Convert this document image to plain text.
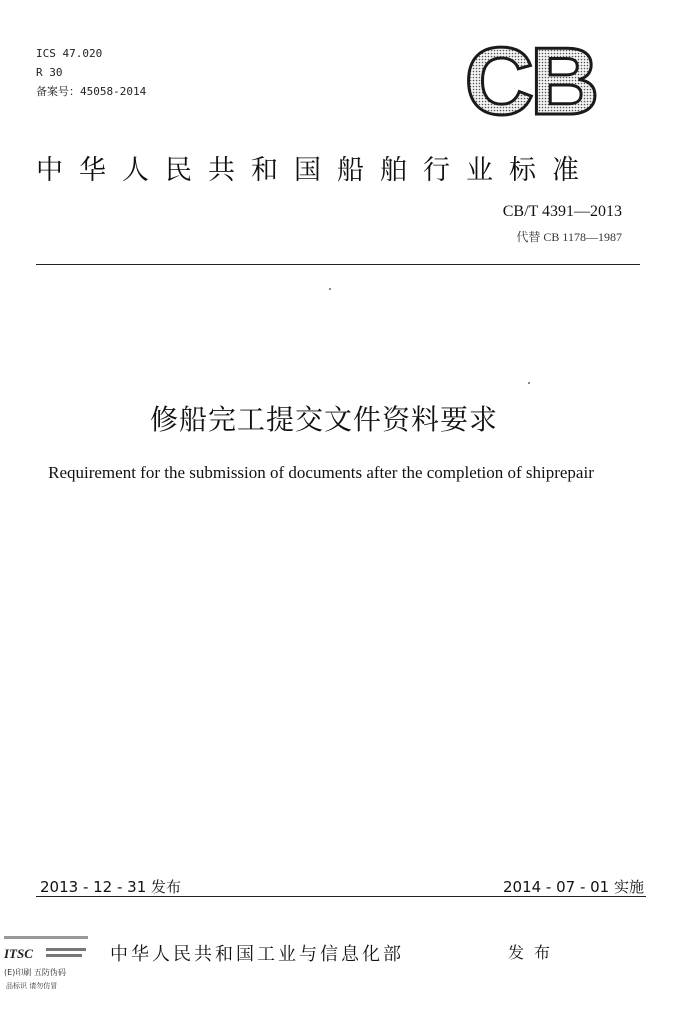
ICS 47.020
R 30
备案号：45058-2014	CB
中华人民共和国船舶行业标准
CB/T 4391—2013
代替 CB 1178—1987
修船完工提交文件资料要求
Requirement for the submission of documents after the completion of shiprepair
2013 - 12 - 31 发布	2014 - 07 - 01 实施
ITSC
(E)印刷 五防伪码
品标识 请勿仿冒
中华人民共和国工业与信息化部	发布
